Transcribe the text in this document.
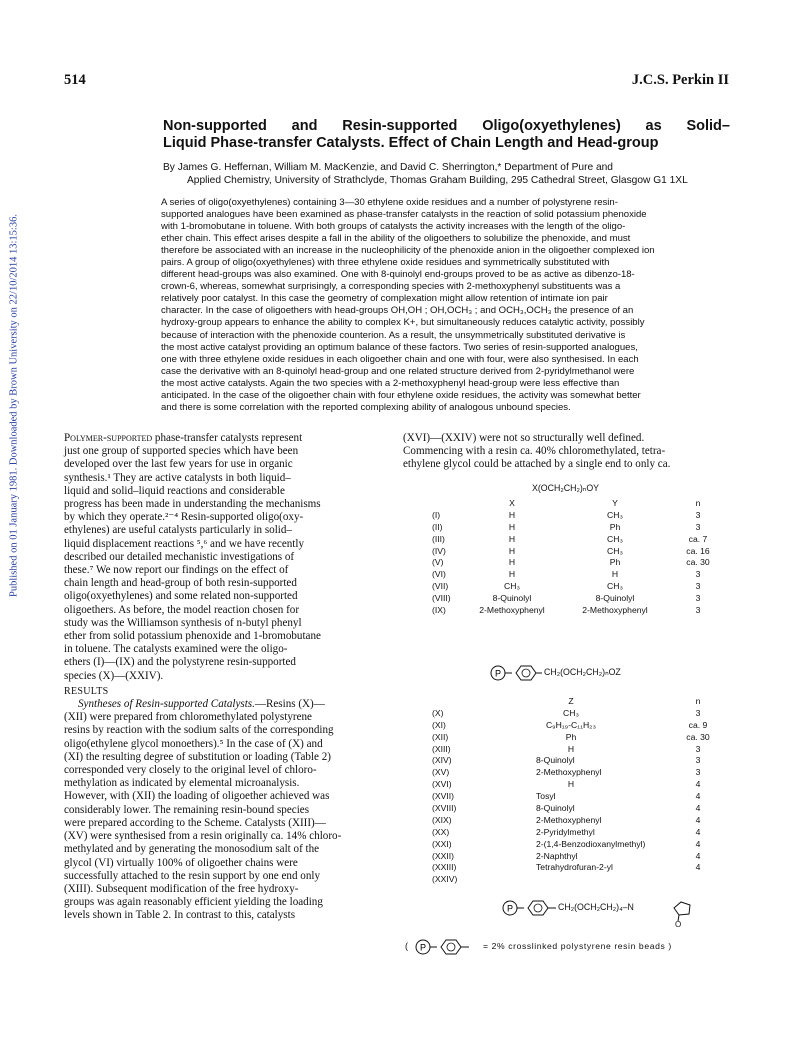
Published on 01 January 1981. Downloaded by Brown University on 22/10/2014 13:15:36.
514	J.C.S. Perkin II
Non-supported and Resin-supported Oligo(oxyethylenes) as Solid–
Liquid Phase-transfer Catalysts. Effect of Chain Length and Head-group
By James G. Heffernan, William M. MacKenzie, and David C. Sherrington,* Department of Pure and
Applied Chemistry, University of Strathclyde, Thomas Graham Building, 295 Cathedral Street, Glasgow G1 1XL
A series of oligo(oxyethylenes) containing 3—30 ethylene oxide residues and a number of polystyrene resin-
supported analogues have been examined as phase-transfer catalysts in the reaction of solid potassium phenoxide
with 1-bromobutane in toluene. With both groups of catalysts the activity increases with the length of the oligo-
ether chain. This effect arises despite a fall in the ability of the oligoethers to solubilize the phenoxide, and must
therefore be associated with an increase in the nucleophilicity of the phenoxide anion in the oligoether complexed ion
pairs. A group of oligo(oxyethylenes) with three ethylene oxide residues and symmetrically substituted with
different head-groups was also examined. One with 8-quinolyl end-groups proved to be as active as dibenzo-18-
crown-6, whereas, somewhat surprisingly, a corresponding species with 2-methoxyphenyl substituents was a
relatively poor catalyst. In this case the geometry of complexation might allow retention of intimate ion pair
character. In the case of oligoethers with head-groups OH,OH ; OH,OCH₃ ; and OCH₃,OCH₃ the presence of an
hydroxy-group appears to enhance the ability to complex K+, but simultaneously reduces catalytic activity, possibly
because of interaction with the phenoxide counterion. As a result, the unsymmetrically substituted derivative is
the most active catalyst providing an optimum balance of these factors. Two series of resin-supported analogues,
one with three ethylene oxide residues in each oligoether chain and one with four, were also synthesised. In each
case the derivative with an 8-quinolyl head-group and one related structure derived from 2-pyridylmethanol were
the most active catalysts. Again the two species with a 2-methoxyphenyl head-group were less effective than
anticipated. In the case of the oligoether chain with four ethylene oxide residues, the activity was somewhat better
and there is some correlation with the reported complexing ability of analogous unbound species.
Polymer-supported phase-transfer catalysts represent
just one group of supported species which have been
developed over the last few years for use in organic
synthesis.¹ They are active catalysts in both liquid–
liquid and solid–liquid reactions and considerable
progress has been made in understanding the mechanisms
by which they operate.²⁻⁴ Resin-supported oligo(oxy-
ethylenes) are useful catalysts particularly in solid–
liquid displacement reactions ⁵,⁶ and we have recently
described our detailed mechanistic investigations of
these.⁷ We now report our findings on the effect of
chain length and head-group of both resin-supported
oligo(oxyethylenes) and some related non-supported
oligoethers. As before, the model reaction chosen for
study was the Williamson synthesis of n-butyl phenyl
ether from solid potassium phenoxide and 1-bromobutane
in toluene. The catalysts examined were the oligo-
ethers (I)—(IX) and the polystyrene resin-supported
species (X)—(XXIV).
RESULTS
Syntheses of Resin-supported Catalysts.—Resins (X)—
(XII) were prepared from chloromethylated polystyrene
resins by reaction with the sodium salts of the corresponding
oligo(ethylene glycol monoethers).⁵ In the case of (X) and
(XI) the resulting degree of substitution or loading (Table 2)
corresponded very closely to the original level of chloro-
methylation as indicated by elemental microanalysis.
However, with (XII) the loading of oligoether achieved was
considerably lower. The remaining resin-bound species
were prepared according to the Scheme. Catalysts (XIII)—
(XV) were synthesised from a resin originally ca. 14% chloro-
methylated and by generating the monosodium salt of the
glycol (VI) virtually 100% of oligoether chains were
successfully attached to the resin support by one end only
(XIII). Subsequent modification of the free hydroxy-
groups was again reasonably efficient yielding the loading
levels shown in Table 2. In contrast to this, catalysts
(XVI)—(XXIV) were not so structurally well defined.
Commencing with a resin ca. 40% chloromethylated, tetra-
ethylene glycol could be attached by a single end to only ca.
X(OCH₂CH₂)ₙOY
	X	Y	n
(I)	H	CH₃	3
(II)	H	Ph	3
(III)	H	CH₃	ca. 7
(IV)	H	CH₃	ca. 16
(V)	H	Ph	ca. 30
(VI)	H	H	3
(VII)	CH₃	CH₃	3
(VIII)	8-Quinolyl	8-Quinolyl	3
(IX)	2-Methoxyphenyl	2-Methoxyphenyl	3
P	CH₂(OCH₂CH₂)ₙOZ
	Z	n
(X)	CH₃	3
(XI)	C₉H₁₉-C₁₁H₂₃	ca. 9
(XII)	Ph	ca. 30
(XIII)	H	3
(XIV)	8-Quinolyl	3
(XV)	2-Methoxyphenyl	3
(XVI)	H	4
(XVII)	Tosyl	4
(XVIII)	8-Quinolyl	4
(XIX)	2-Methoxyphenyl	4
(XX)	2-Pyridylmethyl	4
(XXI)	2-(1,4-Benzodioxanylmethyl)	4
(XXII)	2-Naphthyl	4
(XXIII)	Tetrahydrofuran-2-yl	4
(XXIV)		
P	CH₂(OCH₂CH₂)₄–N
O
( P	= 2% crosslinked polystyrene resin beads )
